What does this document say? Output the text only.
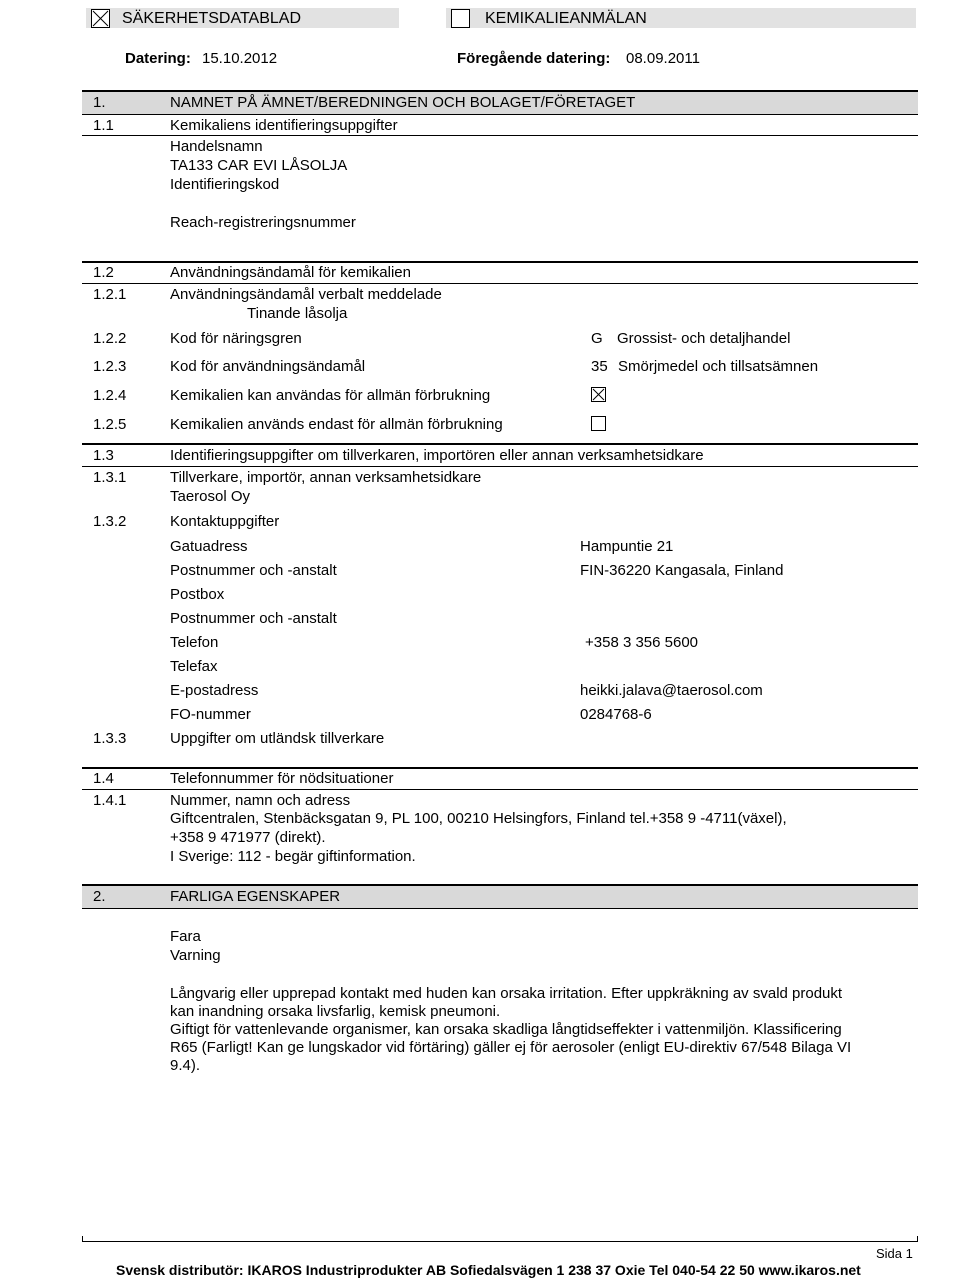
SÄKERHETSDATABLAD	KEMIKALIEANMÄLAN
Datering: 15.10.2012	Föregående datering: 08.09.2011
1.	NAMNET PÅ ÄMNET/BEREDNINGEN OCH BOLAGET/FÖRETAGET
1.1	Kemikaliens identifieringsuppgifter
Handelsnamn
TA133 CAR EVI LÅSOLJA
Identifieringskod
Reach-registreringsnummer
1.2	Användningsändamål för kemikalien
1.2.1	Användningsändamål verbalt meddelade
Tinande låsolja
1.2.2	Kod för näringsgren	G Grossist- och detaljhandel
1.2.3	Kod för användningsändamål	35 Smörjmedel och tillsatsämnen
1.2.4	Kemikalien kan användas för allmän förbrukning
1.2.5	Kemikalien används endast för allmän förbrukning
1.3	Identifieringsuppgifter om tillverkaren, importören eller annan verksamhetsidkare
1.3.1	Tillverkare, importör, annan verksamhetsidkare
Taerosol Oy
1.3.2	Kontaktuppgifter
Gatuadress	Hampuntie 21
Postnummer och -anstalt	FIN-36220 Kangasala, Finland
Postbox
Postnummer och -anstalt
Telefon	+358 3 356 5600
Telefax
E-postadress	heikki.jalava@taerosol.com
FO-nummer	0284768-6
1.3.3	Uppgifter om utländsk tillverkare
1.4	Telefonnummer för nödsituationer
1.4.1	Nummer, namn och adress
Giftcentralen, Stenbäcksgatan 9, PL 100, 00210 Helsingfors, Finland tel.+358 9 -4711(växel),
+358 9 471977 (direkt).
I Sverige: 112 - begär giftinformation.
2.	FARLIGA EGENSKAPER
Fara
Varning
Långvarig eller upprepad kontakt med huden kan orsaka irritation. Efter uppkräkning av svald produkt
kan inandning orsaka livsfarlig, kemisk pneumoni.
Giftigt för vattenlevande organismer, kan orsaka skadliga långtidseffekter i vattenmiljön. Klassificering
R65 (Farligt! Kan ge lungskador vid förtäring) gäller ej för aerosoler (enligt EU-direktiv 67/548 Bilaga VI
9.4).
Sida 1
Svensk distributör: IKAROS Industriprodukter AB Sofiedalsvägen 1 238 37 Oxie Tel 040-54 22 50 www.ikaros.net
